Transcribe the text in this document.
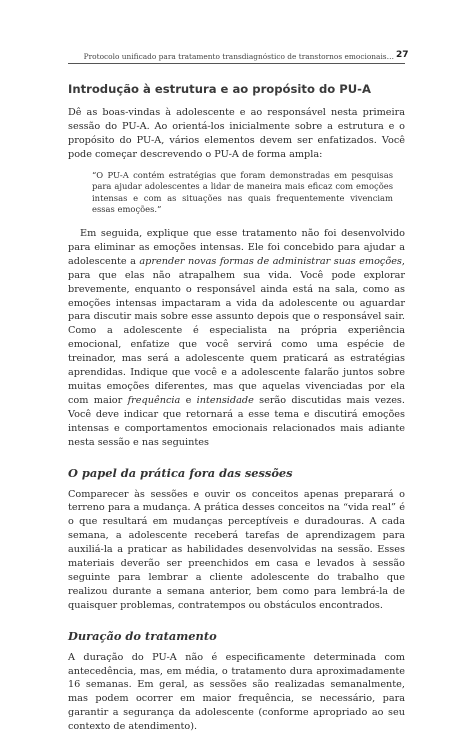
Protocolo unificado para tratamento transdiagnóstico de transtornos emocionais… 27
Introdução à estrutura e ao propósito do PU-A

Dê as boas-vindas à adolescente e ao responsável nesta primeira sessão do PU-A. Ao orientá-los inicialmente sobre a estrutura e o propósito do PU-A, vários elementos devem ser enfatizados. Você pode começar descrevendo o PU-A de forma ampla:

“O PU-A contém estratégias que foram demonstradas em pesquisas para ajudar adolescentes a lidar de maneira mais eficaz com emoções intensas e com as situações nas quais frequentemente vivenciam essas emoções.”

Em seguida, explique que esse tratamento não foi desenvolvido para eliminar as emoções intensas. Ele foi concebido para ajudar a adolescente a aprender novas formas de administrar suas emoções, para que elas não atrapalhem sua vida. Você pode explorar brevemente, enquanto o responsável ainda está na sala, como as emoções intensas impactaram a vida da adolescente ou aguardar para discutir mais sobre esse assunto depois que o responsável sair. Como a adolescente é especialista na própria experiência emocional, enfatize que você servirá como uma espécie de treinador, mas será a adolescente quem praticará as estratégias aprendidas. Indique que você e a adolescente falarão juntos sobre muitas emoções diferentes, mas que aquelas vivenciadas por ela com maior frequência e intensidade serão discutidas mais vezes. Você deve indicar que retornará a esse tema e discutirá emoções intensas e comportamentos emocionais relacionados mais adiante nesta sessão e nas seguintes

O papel da prática fora das sessões

Comparecer às sessões e ouvir os conceitos apenas preparará o terreno para a mudança. A prática desses conceitos na “vida real” é o que resultará em mudanças perceptíveis e duradouras. A cada semana, a adolescente receberá tarefas de aprendizagem para auxiliá-la a praticar as habilidades desenvolvidas na sessão. Esses materiais deverão ser preenchidos em casa e levados à sessão seguinte para lembrar a cliente adolescente do trabalho que realizou durante a semana anterior, bem como para lembrá-la de quaisquer problemas, contratempos ou obstáculos encontrados.

Duração do tratamento

A duração do PU-A não é especificamente determinada com antecedência, mas, em média, o tratamento dura aproximadamente 16 semanas. Em geral, as sessões são realizadas semanalmente, mas podem ocorrer em maior frequência, se necessário, para garantir a segurança da adolescente (conforme apropriado ao seu contexto de atendimento).
